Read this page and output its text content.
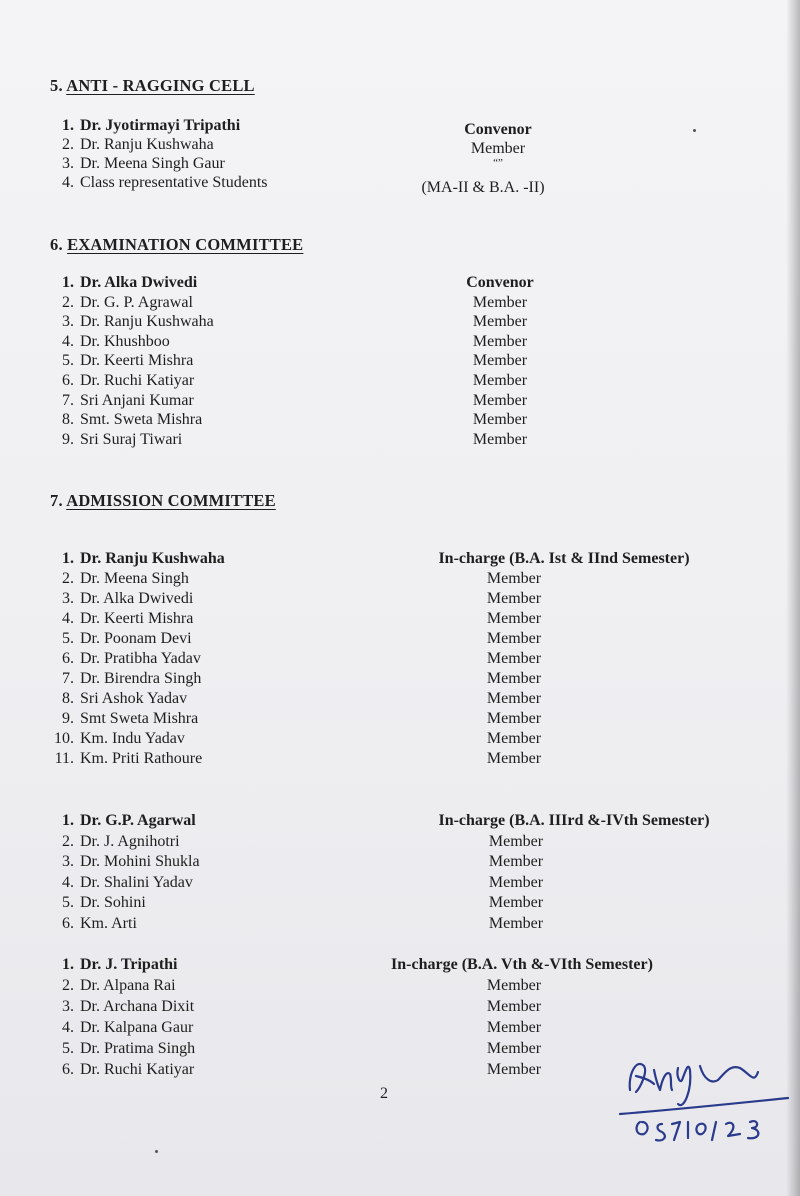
5. ANTI - RAGGING CELL
1. Dr. Jyotirmayi Tripathi	Convenor
2. Dr. Ranju Kushwaha	Member
3. Dr. Meena Singh Gaur	“”
4. Class representative Students	(MA-II & B.A. -II)
6. EXAMINATION COMMITTEE
1. Dr. Alka Dwivedi	Convenor
2. Dr. G. P. Agrawal	Member
3. Dr. Ranju Kushwaha	Member
4. Dr. Khushboo	Member
5. Dr. Keerti Mishra	Member
6. Dr. Ruchi Katiyar	Member
7. Sri Anjani Kumar	Member
8. Smt. Sweta Mishra	Member
9. Sri Suraj Tiwari	Member
7. ADMISSION COMMITTEE
1. Dr. Ranju Kushwaha	In-charge (B.A. Ist & IInd Semester)
2. Dr. Meena Singh	Member
3. Dr. Alka Dwivedi	Member
4. Dr. Keerti Mishra	Member
5. Dr. Poonam Devi	Member
6. Dr. Pratibha Yadav	Member
7. Dr. Birendra Singh	Member
8. Sri Ashok Yadav	Member
9. Smt Sweta Mishra	Member
10. Km. Indu Yadav	Member
11. Km. Priti Rathoure	Member
1. Dr. G.P. Agarwal	In-charge (B.A. IIIrd &-IVth Semester)
2. Dr. J. Agnihotri	Member
3. Dr. Mohini Shukla	Member
4. Dr. Shalini Yadav	Member
5. Dr. Sohini	Member
6. Km. Arti	Member
1. Dr. J. Tripathi	In-charge (B.A. Vth &-VIth Semester)
2. Dr. Alpana Rai	Member
3. Dr. Archana Dixit	Member
4. Dr. Kalpana Gaur	Member
5. Dr. Pratima Singh	Member
6. Dr. Ruchi Katiyar	Member
2
05/10/23
